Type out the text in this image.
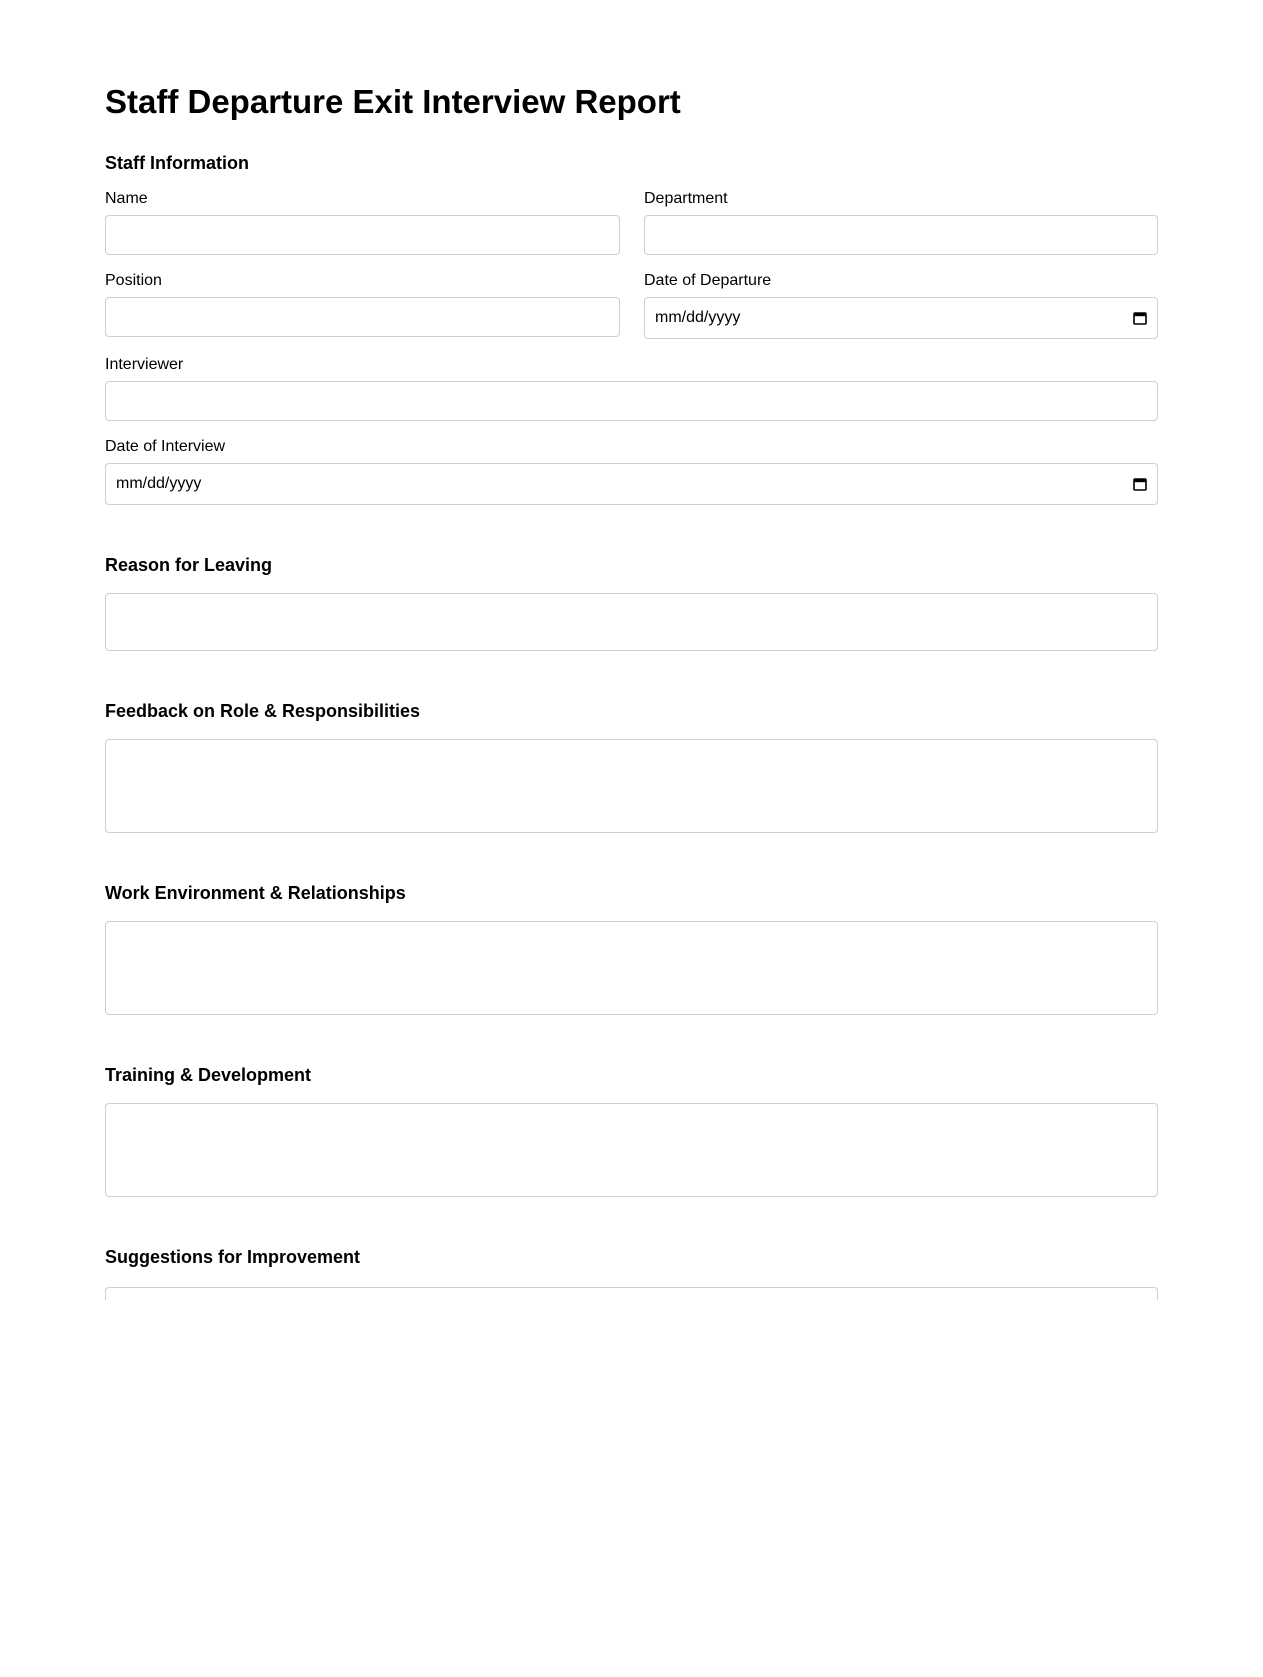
Staff Departure Exit Interview Report
Staff Information
Name	Department
Position	Date of Departure
mm/dd/yyyy
Interviewer
Date of Interview
mm/dd/yyyy
Reason for Leaving
Feedback on Role & Responsibilities
Work Environment & Relationships
Training & Development
Suggestions for Improvement
